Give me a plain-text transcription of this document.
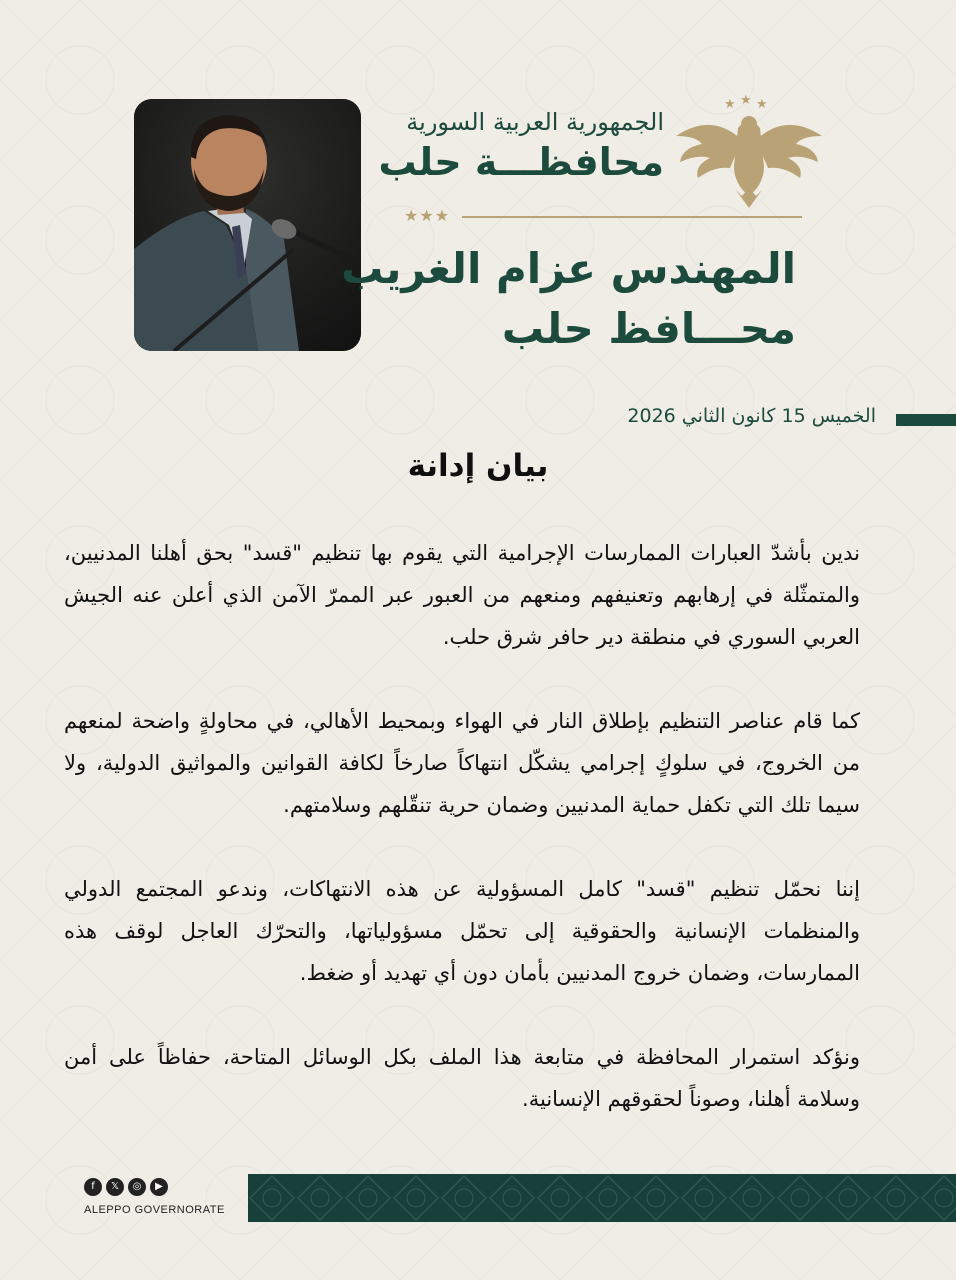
★ ★ ★
الجمهورية العربية السورية
محافظـــة حلب
★★★
المهندس عزام الغريب
محـــافظ حلب
الخميس 15 كانون الثاني 2026
بيان إدانة

ندين بأشدّ العبارات الممارسات الإجرامية التي يقوم بها تنظيم "قسد" بحق أهلنا المدنيين، والمتمثّلة في إرهابهم وتعنيفهم ومنعهم من العبور عبر الممرّ الآمن الذي أعلن عنه الجيش العربي السوري في منطقة دير حافر شرق حلب.

كما قام عناصر التنظيم بإطلاق النار في الهواء وبمحيط الأهالي، في محاولةٍ واضحة لمنعهم من الخروج، في سلوكٍ إجرامي يشكّل انتهاكاً صارخاً لكافة القوانين والمواثيق الدولية، ولا سيما تلك التي تكفل حماية المدنيين وضمان حرية تنقّلهم وسلامتهم.

إننا نحمّل تنظيم "قسد" كامل المسؤولية عن هذه الانتهاكات، وندعو المجتمع الدولي والمنظمات الإنسانية والحقوقية إلى تحمّل مسؤولياتها، والتحرّك العاجل لوقف هذه الممارسات، وضمان خروج المدنيين بأمان دون أي تهديد أو ضغط.

ونؤكد استمرار المحافظة في متابعة هذا الملف بكل الوسائل المتاحة، حفاظاً على أمن وسلامة أهلنا، وصوناً لحقوقهم الإنسانية.

f	𝕏	◎	▶
ALEPPO GOVERNORATE
